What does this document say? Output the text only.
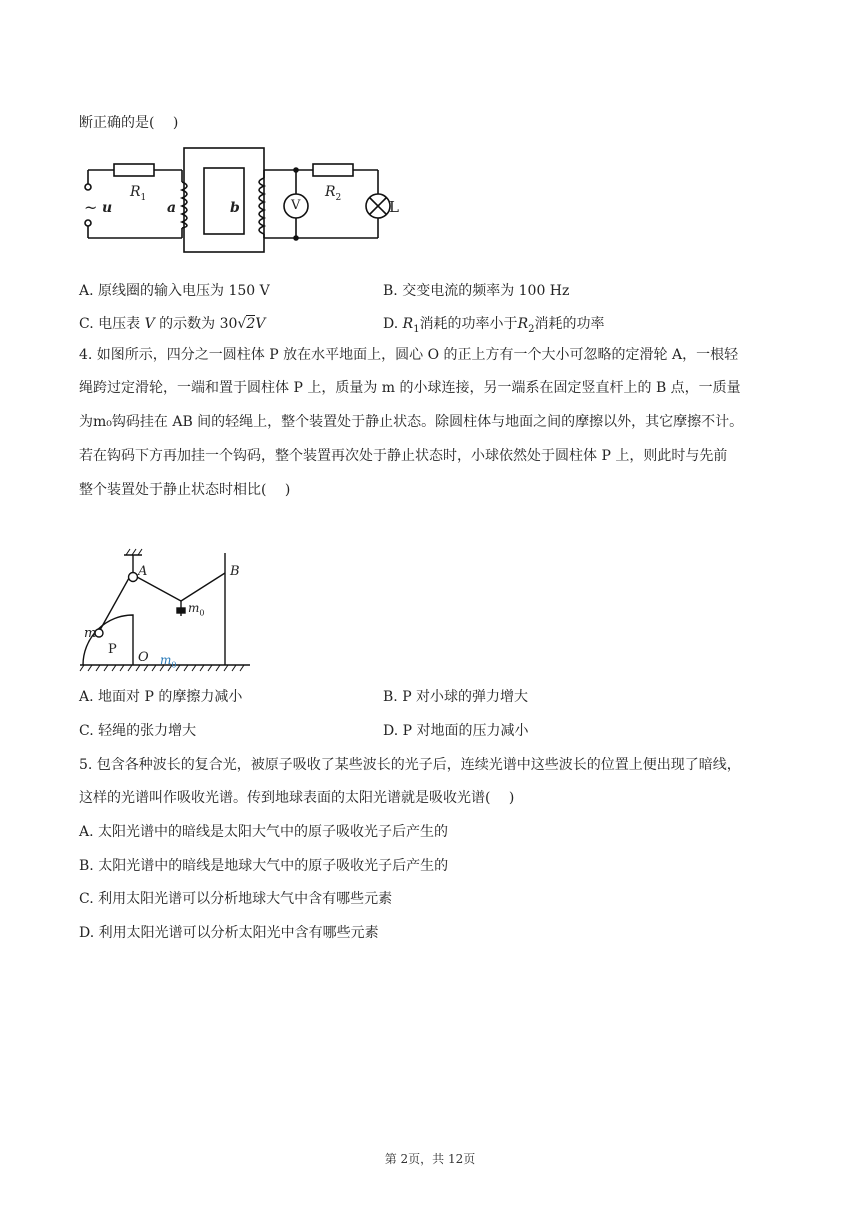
断正确的是(　 )
~ u
$R_1$
a	b	V
$R_2$
L
A. 原线圈的输入电压为 150 V	B. 交变电流的频率为 100 Hz
C. 电压表 V 的示数为 30√2V	D. $R_1$消耗的功率小于$R_2$消耗的功率
4. 如图所示，四分之一圆柱体 P 放在水平地面上，圆心 O 的正上方有一个大小可忽略的定滑轮 A，一根轻
绳跨过定滑轮，一端和置于圆柱体 P 上，质量为 m 的小球连接，另一端系在固定竖直杆上的 B 点，一质量
为m₀钩码挂在 AB 间的轻绳上，整个装置处于静止状态。除圆柱体与地面之间的摩擦以外，其它摩擦不计。
若在钩码下方再加挂一个钩码，整个装置再次处于静止状态时，小球依然处于圆柱体 P 上，则此时与先前
整个装置处于静止状态时相比(　 )
A	B
$m_0$
m
P
O $m_0$
A. 地面对 P 的摩擦力减小	B. P 对小球的弹力增大
C. 轻绳的张力增大	D. P 对地面的压力减小
5. 包含各种波长的复合光，被原子吸收了某些波长的光子后，连续光谱中这些波长的位置上便出现了暗线，
这样的光谱叫作吸收光谱。传到地球表面的太阳光谱就是吸收光谱(　 )
A. 太阳光谱中的暗线是太阳大气中的原子吸收光子后产生的
B. 太阳光谱中的暗线是地球大气中的原子吸收光子后产生的
C. 利用太阳光谱可以分析地球大气中含有哪些元素
D. 利用太阳光谱可以分析太阳光中含有哪些元素
第 2页，共 12页
